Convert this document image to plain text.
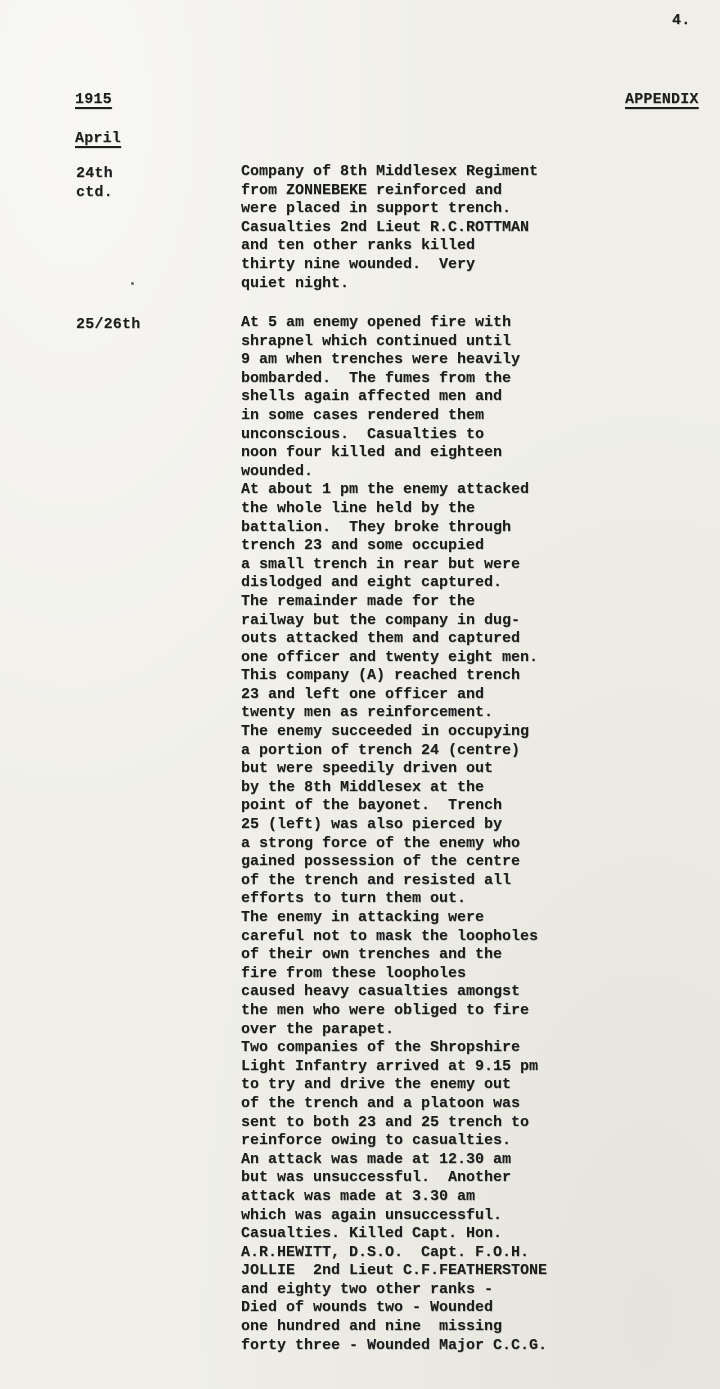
4.
1915	APPENDIX
April
24th
ctd.
Company of 8th Middlesex Regiment
from ZONNEBEKE reinforced and
were placed in support trench.
Casualties 2nd Lieut R.C.ROTTMAN
and ten other ranks killed
thirty nine wounded.  Very
quiet night.
25/26th	At 5 am enemy opened fire with
shrapnel which continued until
9 am when trenches were heavily
bombarded.  The fumes from the
shells again affected men and
in some cases rendered them
unconscious.  Casualties to
noon four killed and eighteen
wounded.
At about 1 pm the enemy attacked
the whole line held by the
battalion.  They broke through
trench 23 and some occupied
a small trench in rear but were
dislodged and eight captured.
The remainder made for the
railway but the company in dug-
outs attacked them and captured
one officer and twenty eight men.
This company (A) reached trench
23 and left one officer and
twenty men as reinforcement.
The enemy succeeded in occupying
a portion of trench 24 (centre)
but were speedily driven out
by the 8th Middlesex at the
point of the bayonet.  Trench
25 (left) was also pierced by
a strong force of the enemy who
gained possession of the centre
of the trench and resisted all
efforts to turn them out.
The enemy in attacking were
careful not to mask the loopholes
of their own trenches and the
fire from these loopholes
caused heavy casualties amongst
the men who were obliged to fire
over the parapet.
Two companies of the Shropshire
Light Infantry arrived at 9.15 pm
to try and drive the enemy out
of the trench and a platoon was
sent to both 23 and 25 trench to
reinforce owing to casualties.
An attack was made at 12.30 am
but was unsuccessful.  Another
attack was made at 3.30 am
which was again unsuccessful.
Casualties. Killed Capt. Hon.
A.R.HEWITT, D.S.O.  Capt. F.O.H.
JOLLIE  2nd Lieut C.F.FEATHERSTONE
and eighty two other ranks -
Died of wounds two - Wounded
one hundred and nine  missing
forty three - Wounded Major C.C.G.
